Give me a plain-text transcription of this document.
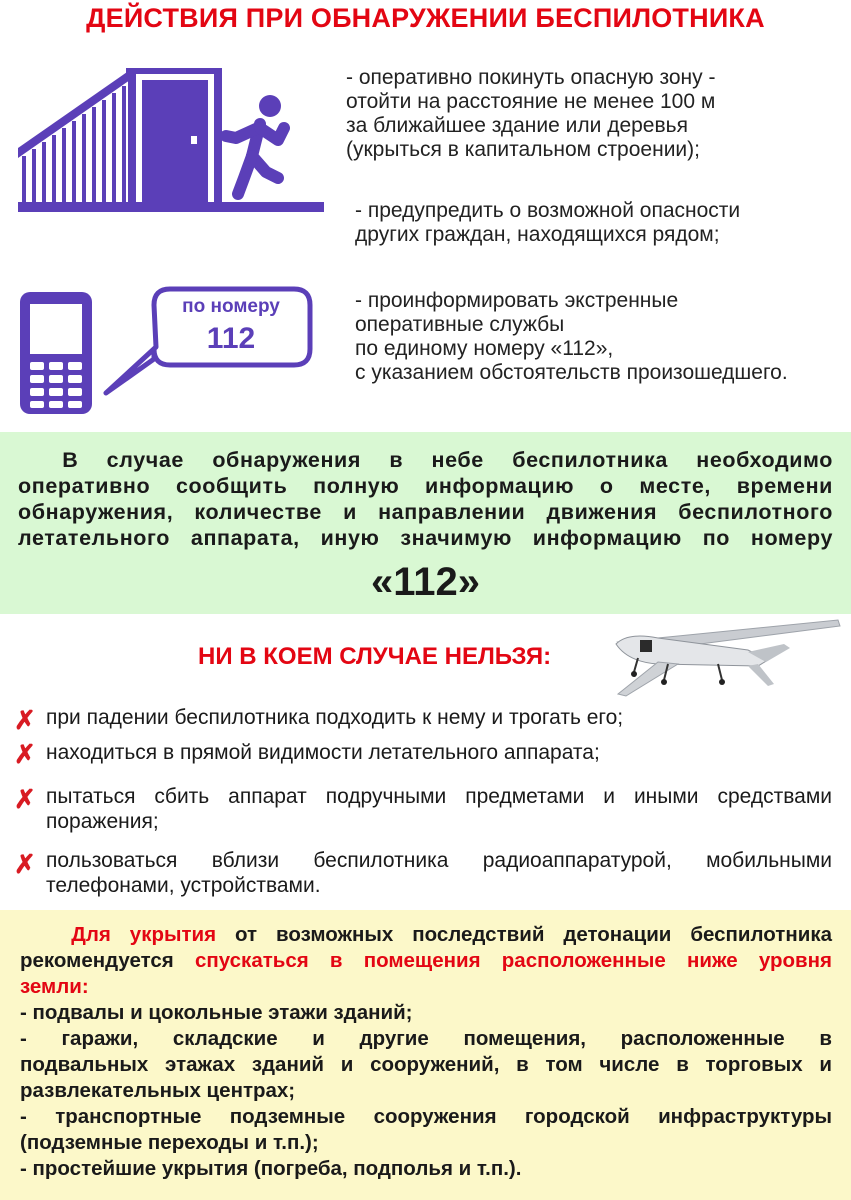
ДЕЙСТВИЯ ПРИ ОБНАРУЖЕНИИ БЕСПИЛОТНИКА
- оперативно покинуть опасную зону -
отойти на расстояние не менее 100 м
за ближайшее здание или деревья
(укрыться в капитальном строении);
- предупредить о возможной опасности
других граждан, находящихся рядом;
- проинформировать экстренные
оперативные службы
по единому номеру «112»,
с указанием обстоятельств произошедшего.
по номеру
112
  В случае обнаружения в небе беспилотника необходимо оперативно сообщить полную информацию о месте, времени обнаружения, количестве и направлении движения беспилотного летательного аппарата, иную значимую информацию по номеру
«112»
НИ В КОЕМ СЛУЧАЕ НЕЛЬЗЯ:
✗ при падении беспилотника подходить к нему и трогать его;
✗ находиться в прямой видимости летательного аппарата;
✗ пытаться сбить аппарат подручными предметами и иными средствами поражения;
✗ пользоваться вблизи беспилотника радиоаппаратурой, мобильными телефонами, устройствами.
   Для укрытия от возможных последствий детонации беспилотника
рекомендуется спускаться в помещения расположенные ниже уровня
земли:
- подвалы и цокольные этажи зданий;
- гаражи, складские и другие помещения, расположенные в
подвальных этажах зданий и сооружений, в том числе в торговых и
развлекательных центрах;
- транспортные подземные сооружения городской инфраструктуры
(подземные переходы и т.п.);
- простейшие укрытия (погреба, подполья и т.п.).
